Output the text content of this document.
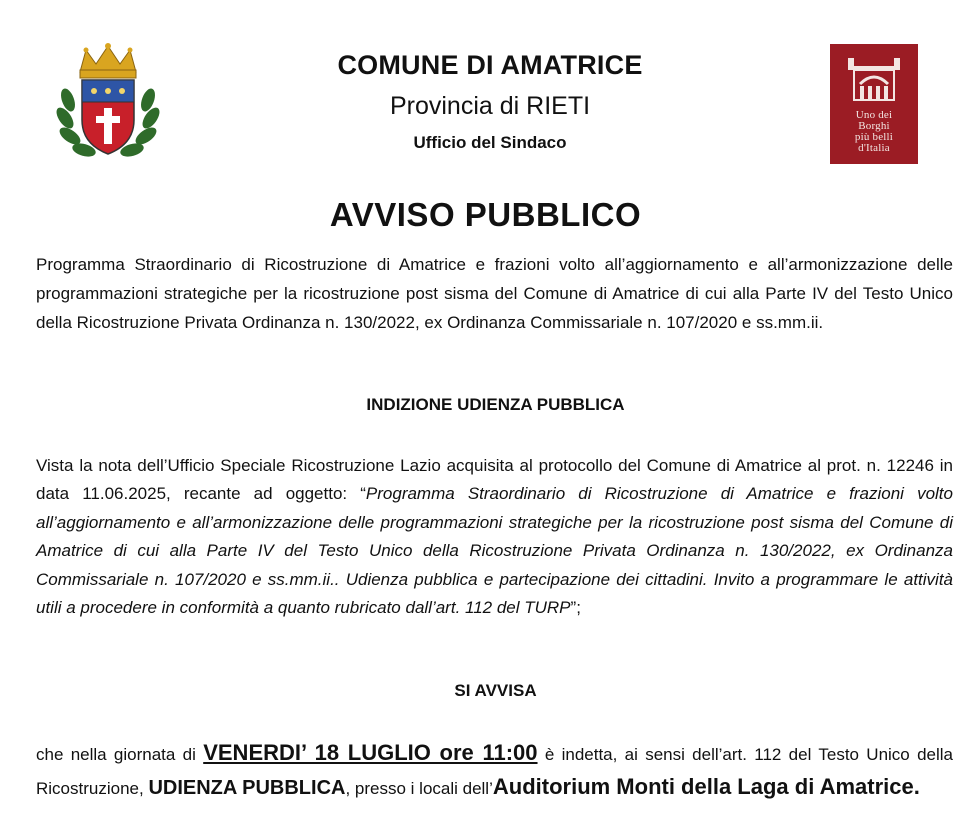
Uno dei
Borghi
più belli
d'Italia
COMUNE DI AMATRICE
Provincia di RIETI
Ufficio del Sindaco
AVVISO PUBBLICO
Programma Straordinario di Ricostruzione di Amatrice e frazioni volto all’aggiornamento e all’armonizzazione delle programmazioni strategiche per la ricostruzione post sisma del Comune di Amatrice di cui alla Parte IV del Testo Unico della Ricostruzione Privata Ordinanza n. 130/2022, ex Ordinanza Commissariale n. 107/2020 e ss.mm.ii.
INDIZIONE UDIENZA PUBBLICA
Vista la nota dell’Ufficio Speciale Ricostruzione Lazio acquisita al protocollo del Comune di Amatrice al prot. n. 12246 in data 11.06.2025, recante ad oggetto: “Programma Straordinario di Ricostruzione di Amatrice e frazioni volto all’aggiornamento e all’armonizzazione delle programmazioni strategiche per la ricostruzione post sisma del Comune di Amatrice di cui alla Parte IV del Testo Unico della Ricostruzione Privata Ordinanza n. 130/2022, ex Ordinanza Commissariale n. 107/2020 e ss.mm.ii.. Udienza pubblica e partecipazione dei cittadini. Invito a programmare le attività utili a procedere in conformità a quanto rubricato dall’art. 112 del TURP”;
SI AVVISA
che nella giornata di VENERDI’ 18 LUGLIO ore 11:00 è indetta, ai sensi dell’art. 112 del Testo Unico della Ricostruzione, UDIENZA PUBBLICA, presso i locali dell’Auditorium Monti della Laga di Amatrice.
